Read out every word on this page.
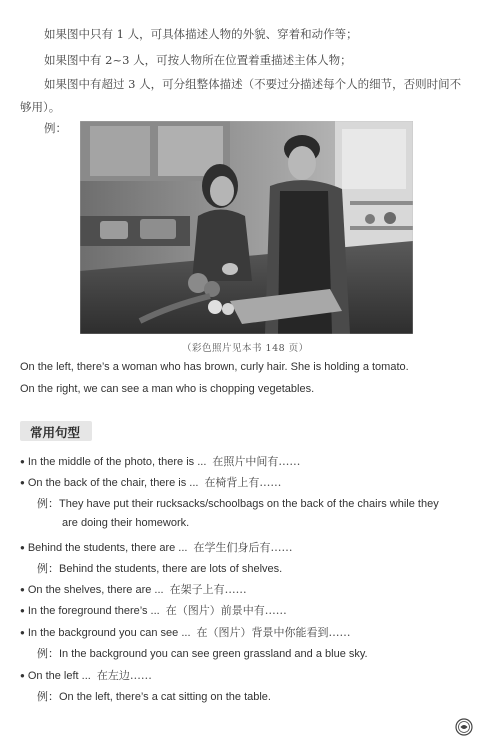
如果图中只有 1 人，可具体描述人物的外貌、穿着和动作等；
如果图中有 2~3 人，可按人物所在位置着重描述主体人物；
如果图中有超过 3 人，可分组整体描述（不要过分描述每个人的细节，否则时间不
够用）。
例：
（彩色照片见本书 148 页）
On the left, there’s a woman who has brown, curly hair. She is holding a tomato.
On the right, we can see a man who is chopping vegetables.
常用句型
● In the middle of the photo, there is ... 在照片中间有……
● On the back of the chair, there is ... 在椅背上有……
例：They have put their rucksacks/schoolbags on the back of the chairs while they
are doing their homework.
● Behind the students, there are ... 在学生们身后有……
例：Behind the students, there are lots of shelves.
● On the shelves, there are ... 在架子上有……
● In the foreground there’s ... 在（图片）前景中有……
● In the background you can see ... 在（图片）背景中你能看到……
例：In the background you can see green grassland and a blue sky.
● On the left ... 在左边……
例：On the left, there’s a cat sitting on the table.
